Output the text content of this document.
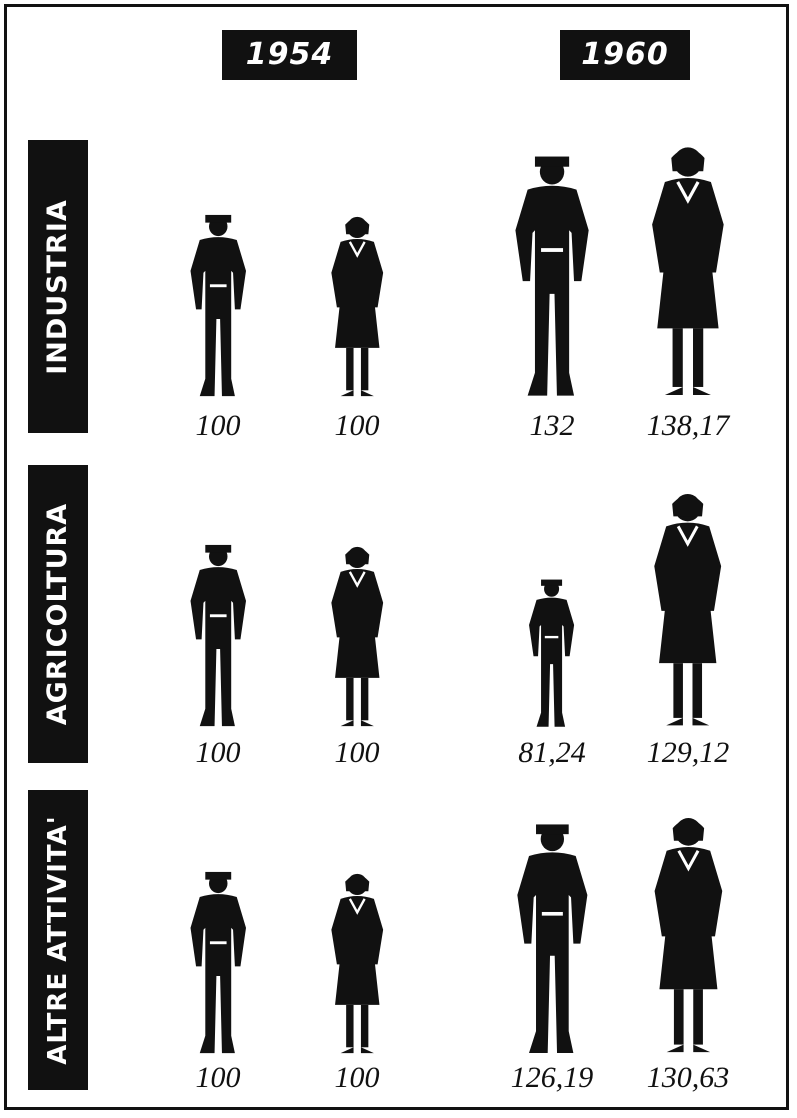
1954	1960
INDUSTRIA
AGRICOLTURA
ALTRE ATTIVITA'
100
100
100
100
100
100
132
81,24
126,19
138,17
129,12
130,63
